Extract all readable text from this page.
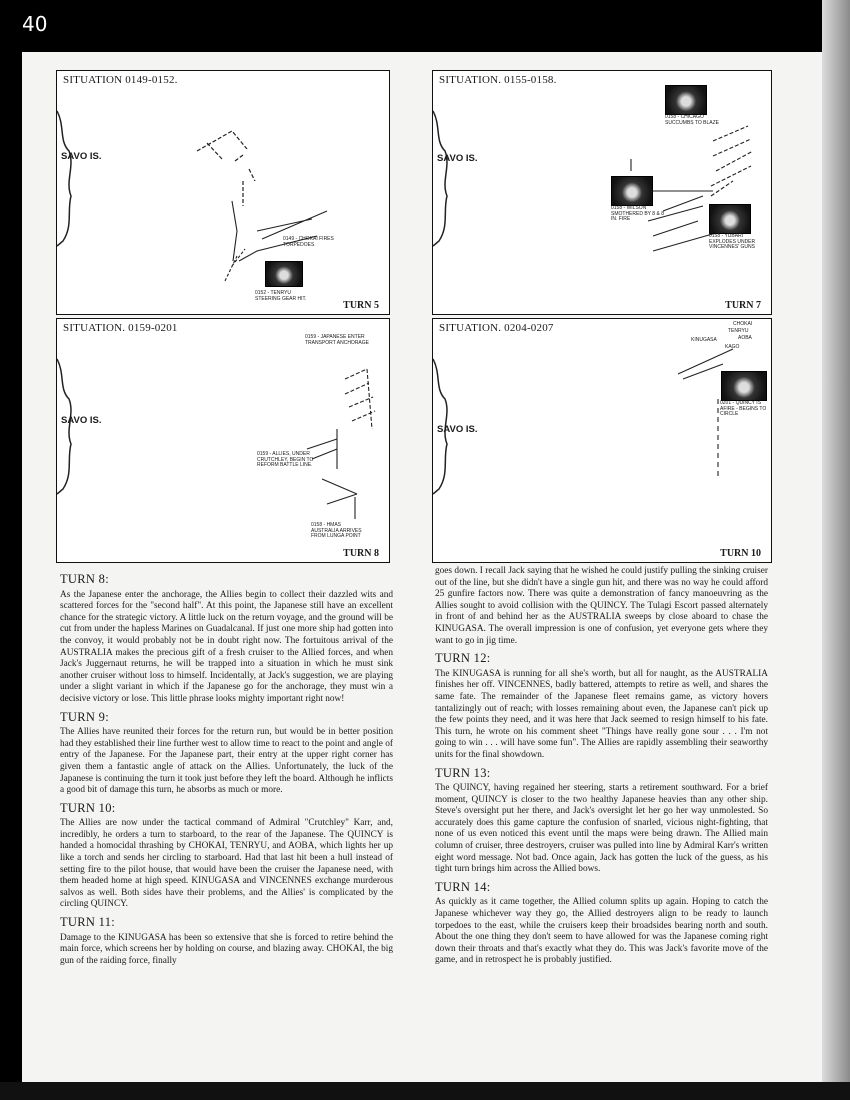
40
SITUATION 0149-0152.
SAVO IS.
0149 - CHOKAI FIRES TORPEDOES
0152 - TENRYU STEERING GEAR HIT.
TURN 5
SITUATION. 0155-0158.
0158 - CHICAGO SUCCUMBS TO BLAZE
SAVO IS.
0158 - WILSON SMOTHERED BY 8 & 8 IN. FIRE
0158 - YUBARI EXPLODES UNDER VINCENNES' GUNS
TURN 7
SITUATION. 0159-0201
0159 - JAPANESE ENTER TRANSPORT ANCHORAGE
SAVO IS.
0159 - ALLIES, UNDER CRUTCHLEY, BEGIN TO REFORM BATTLE LINE.
0158 - HMAS AUSTRALIA ARRIVES FROM LUNGA POINT
TURN 8
SITUATION. 0204-0207	CHOKAI
TENRYU
AOBA
KINUGASA
KAGO
0201 - QUINCY IS AFIRE - BEGINS TO CIRCLE
SAVO IS.
TURN 10
TURN 8:

As the Japanese enter the anchorage, the Allies begin to collect their dazzled wits and scattered forces for the "second half". At this point, the Japanese still have an excellent chance for the strategic victory. A little luck on the return voyage, and the ground will be cut from under the hapless Marines on Guadalcanal. If just one more ship had gotten into the convoy, it would probably not be in doubt right now. The fortuitous arrival of the AUSTRALIA makes the precious gift of a fresh cruiser to the Allied forces, and when Jack's Juggernaut returns, he will be trapped into a situation in which he must sink another cruiser without loss to himself. Incidentally, at Jack's suggestion, we are playing under a slight variant in which if the Japanese go for the anchorage, they must win a decisive victory or lose. This little phrase looks mighty important right now!

TURN 9:

The Allies have reunited their forces for the return run, but would be in better position had they established their line further west to allow time to react to the point and angle of entry of the Japanese. For the Japanese part, their entry at the upper right corner has given them a fantastic angle of attack on the Allies. Unfortunately, the luck of the Japanese is continuing the turn it took just before they left the board. Although he inflicts a good bit of damage this turn, he absorbs as much or more.

TURN 10:

The Allies are now under the tactical command of Admiral "Crutchley" Karr, and, incredibly, he orders a turn to starboard, to the rear of the Japanese. The QUINCY is handed a homocidal thrashing by CHOKAI, TENRYU, and AOBA, which lights her up like a torch and sends her circling to starboard. Had that last hit been a hull instead of setting fire to the pilot house, that would have been the cruiser the Japanese need, with them headed home at high speed. KINUGASA and VINCENNES exchange murderous salvos as well. Both sides have their problems, and the Allies' is complicated by the circling QUINCY.

TURN 11:

Damage to the KINUGASA has been so extensive that she is forced to retire behind the main force, which screens her by holding on course, and blazing away. CHOKAI, the big gun of the raiding force, finally

goes down. I recall Jack saying that he wished he could justify pulling the sinking cruiser out of the line, but she didn't have a single gun hit, and there was no way he could afford 25 gunfire factors now. There was quite a demonstration of fancy manoeuvring as the Allies sought to avoid collision with the QUINCY. The Tulagi Escort passed alternately in front of and behind her as the AUSTRALIA sweeps by close aboard to chase the KINUGASA. The overall impression is one of confusion, yet everyone gets where they want to go in jig time.

TURN 12:

The KINUGASA is running for all she's worth, but all for naught, as the AUSTRALIA finishes her off. VINCENNES, badly battered, attempts to retire as well, and shares the same fate. The remainder of the Japanese fleet remains game, as victory hovers tantalizingly out of reach; with losses remaining about even, the Japanese can't pick up the few points they need, and it was here that Jack seemed to resign himself to his fate. This turn, he wrote on his comment sheet "Things have really gone sour . . . I'm not going to win . . . will have some fun". The Allies are rapidly assembling their seaworthy units for the final showdown.

TURN 13:

The QUINCY, having regained her steering, starts a retirement southward. For a brief moment, QUINCY is closer to the two healthy Japanese heavies than any other ship. Steve's oversight put her there, and Jack's oversight let her go her way unmolested. So accurately does this game capture the confusion of snarled, vicious night-fighting, that none of us even noticed this event until the maps were being drawn. The Allied main column of cruiser, three destroyers, cruiser was pulled into line by Admiral Karr's written eight word message. Not bad. Once again, Jack has gotten the luck of the guess, as his tight turn brings him across the Allied bows.

TURN 14:

As quickly as it came together, the Allied column splits up again. Hoping to catch the Japanese whichever way they go, the Allied destroyers align to be ready to launch torpedoes to the east, while the cruisers keep their broadsides bearing north and south. About the one thing they don't seem to have allowed for was the Japanese coming right down their throats and that's exactly what they do. This was Jack's favorite move of the game, and in retrospect he is probably justified.
